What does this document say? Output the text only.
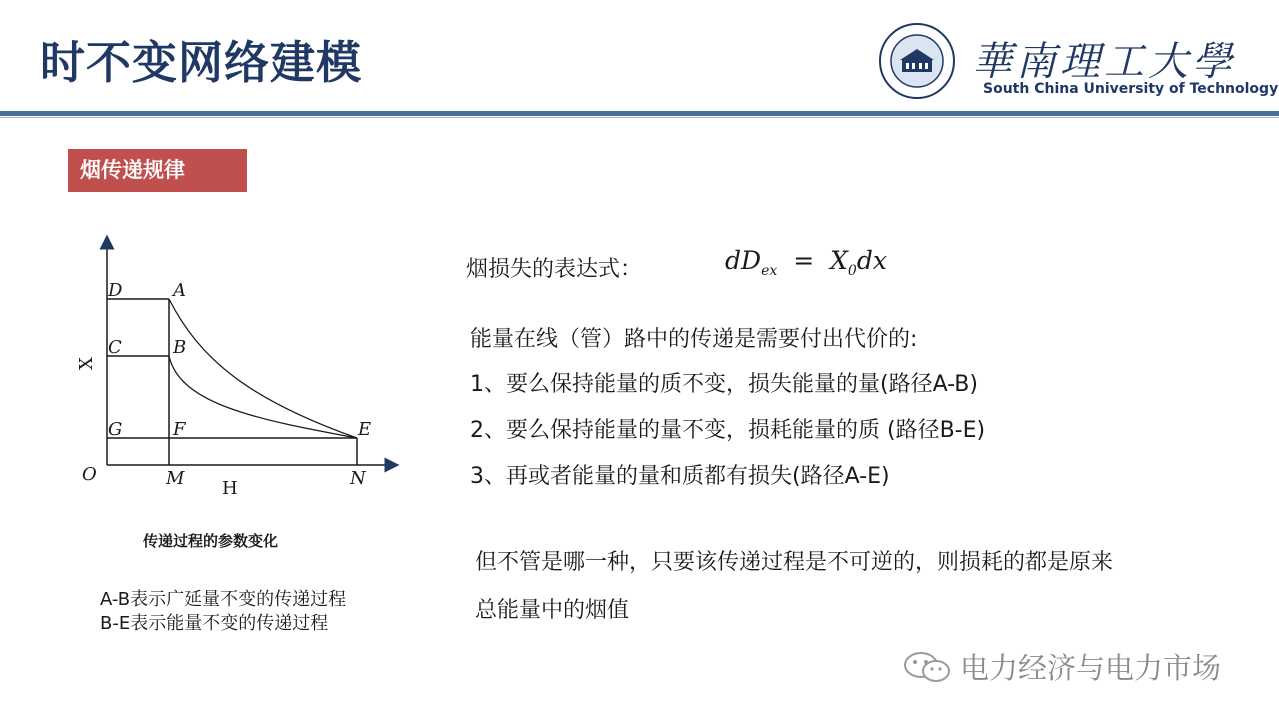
时不变网络建模	華南理工大學
South China University of Technology
烟传递规律
D	A
C	B
G	F	E
O	M	N
H
X
传递过程的参数变化
A-B表示广延量不变的传递过程
B-E表示能量不变的传递过程
烟损失的表达式：	$dD_{ex} = X_0dx$
能量在线（管）路中的传递是需要付出代价的:
1、要么保持能量的质不变，损失能量的量(路径A-B)
2、要么保持能量的量不变，损耗能量的质 (路径B-E)
3、再或者能量的量和质都有损失(路径A-E)
但不管是哪一种，只要该传递过程是不可逆的，则损耗的都是原来
总能量中的烟值
电力经济与电力市场
